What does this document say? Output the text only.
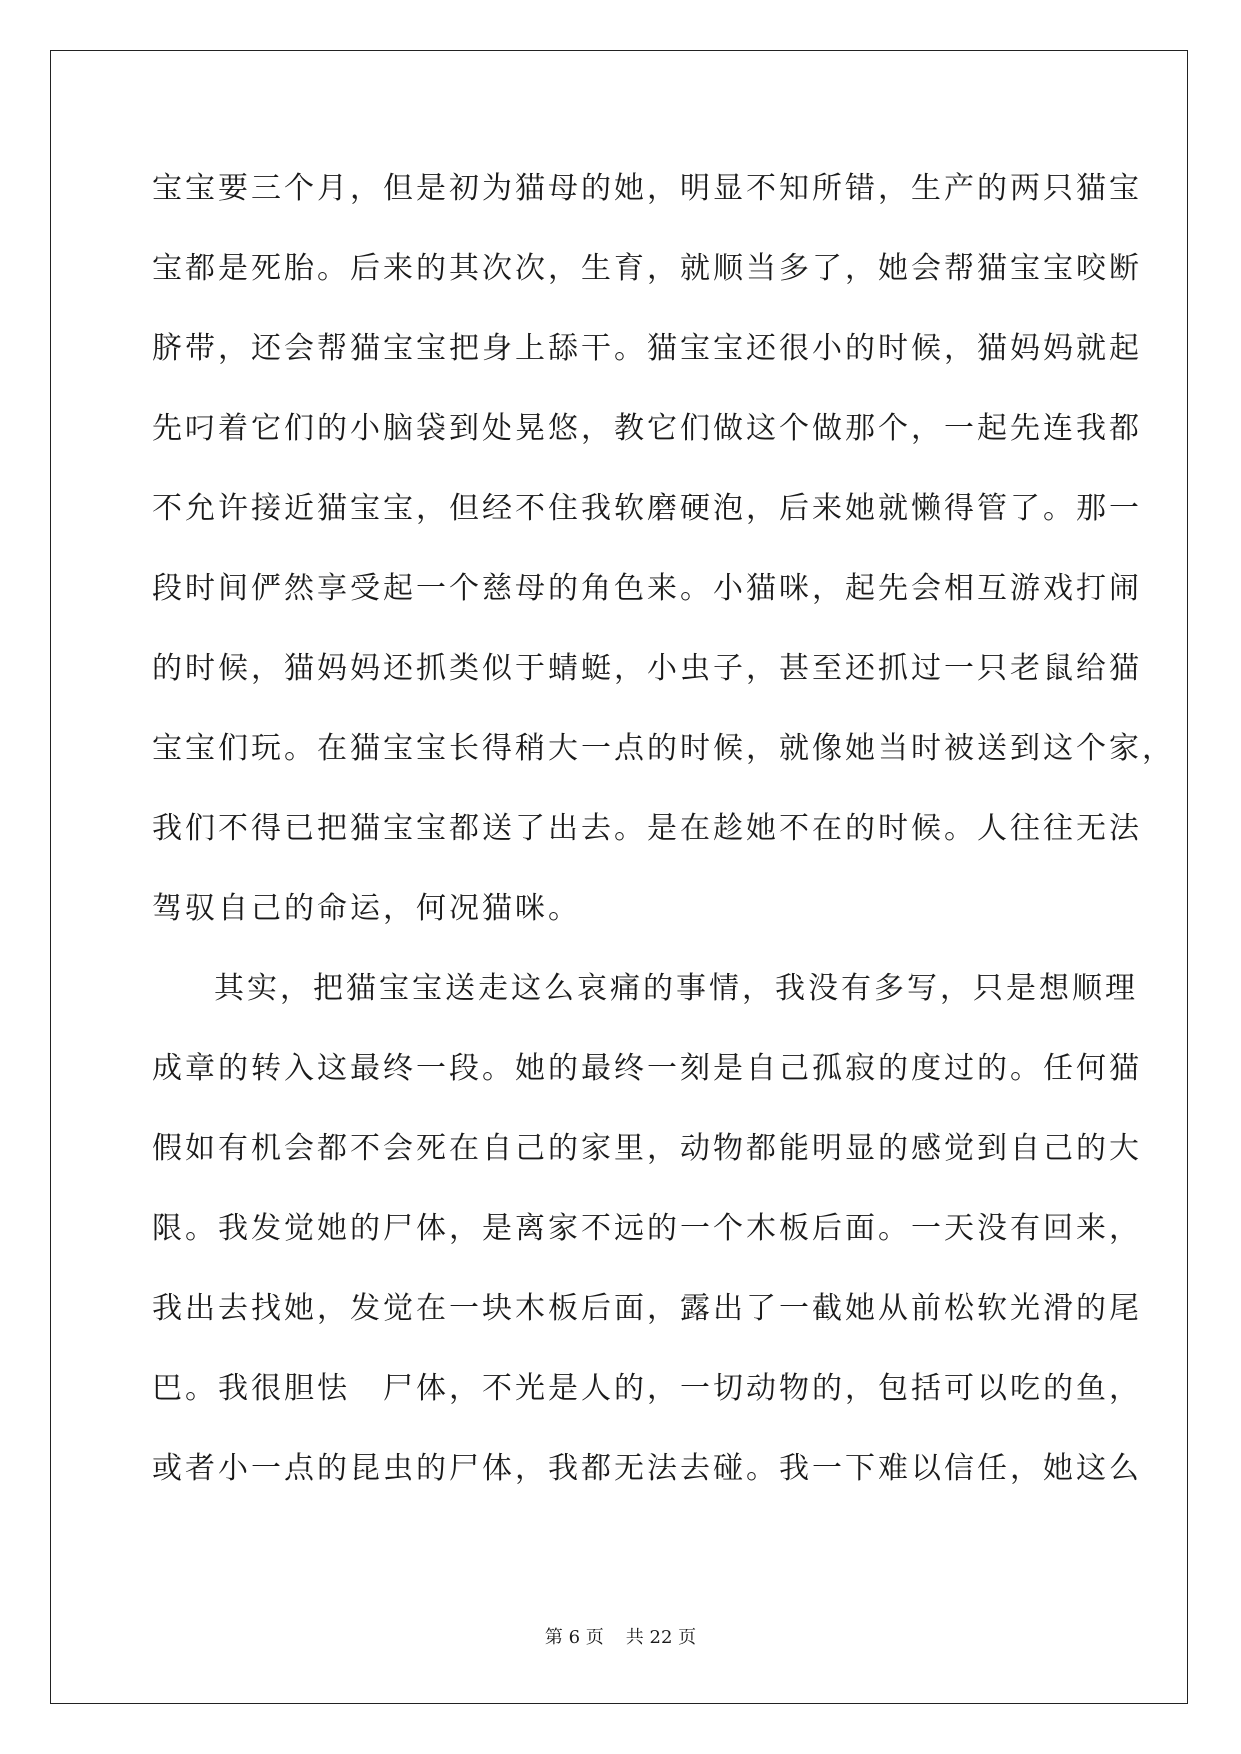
宝宝要三个月，但是初为猫母的她，明显不知所错，生产的两只猫宝
宝都是死胎。后来的其次次，生育，就顺当多了，她会帮猫宝宝咬断
脐带，还会帮猫宝宝把身上舔干。猫宝宝还很小的时候，猫妈妈就起
先叼着它们的小脑袋到处晃悠，教它们做这个做那个，一起先连我都
不允许接近猫宝宝，但经不住我软磨硬泡，后来她就懒得管了。那一
段时间俨然享受起一个慈母的角色来。小猫咪，起先会相互游戏打闹
的时候，猫妈妈还抓类似于蜻蜓，小虫子，甚至还抓过一只老鼠给猫
宝宝们玩。在猫宝宝长得稍大一点的时候，就像她当时被送到这个家，
我们不得已把猫宝宝都送了出去。是在趁她不在的时候。人往往无法
驾驭自己的命运，何况猫咪。
其实，把猫宝宝送走这么哀痛的事情，我没有多写，只是想顺理
成章的转入这最终一段。她的最终一刻是自己孤寂的度过的。任何猫
假如有机会都不会死在自己的家里，动物都能明显的感觉到自己的大
限。我发觉她的尸体，是离家不远的一个木板后面。一天没有回来，
我出去找她，发觉在一块木板后面，露出了一截她从前松软光滑的尾
巴。我很胆怯　尸体，不光是人的，一切动物的，包括可以吃的鱼，
或者小一点的昆虫的尸体，我都无法去碰。我一下难以信任，她这么
第 6 页 共 22 页
